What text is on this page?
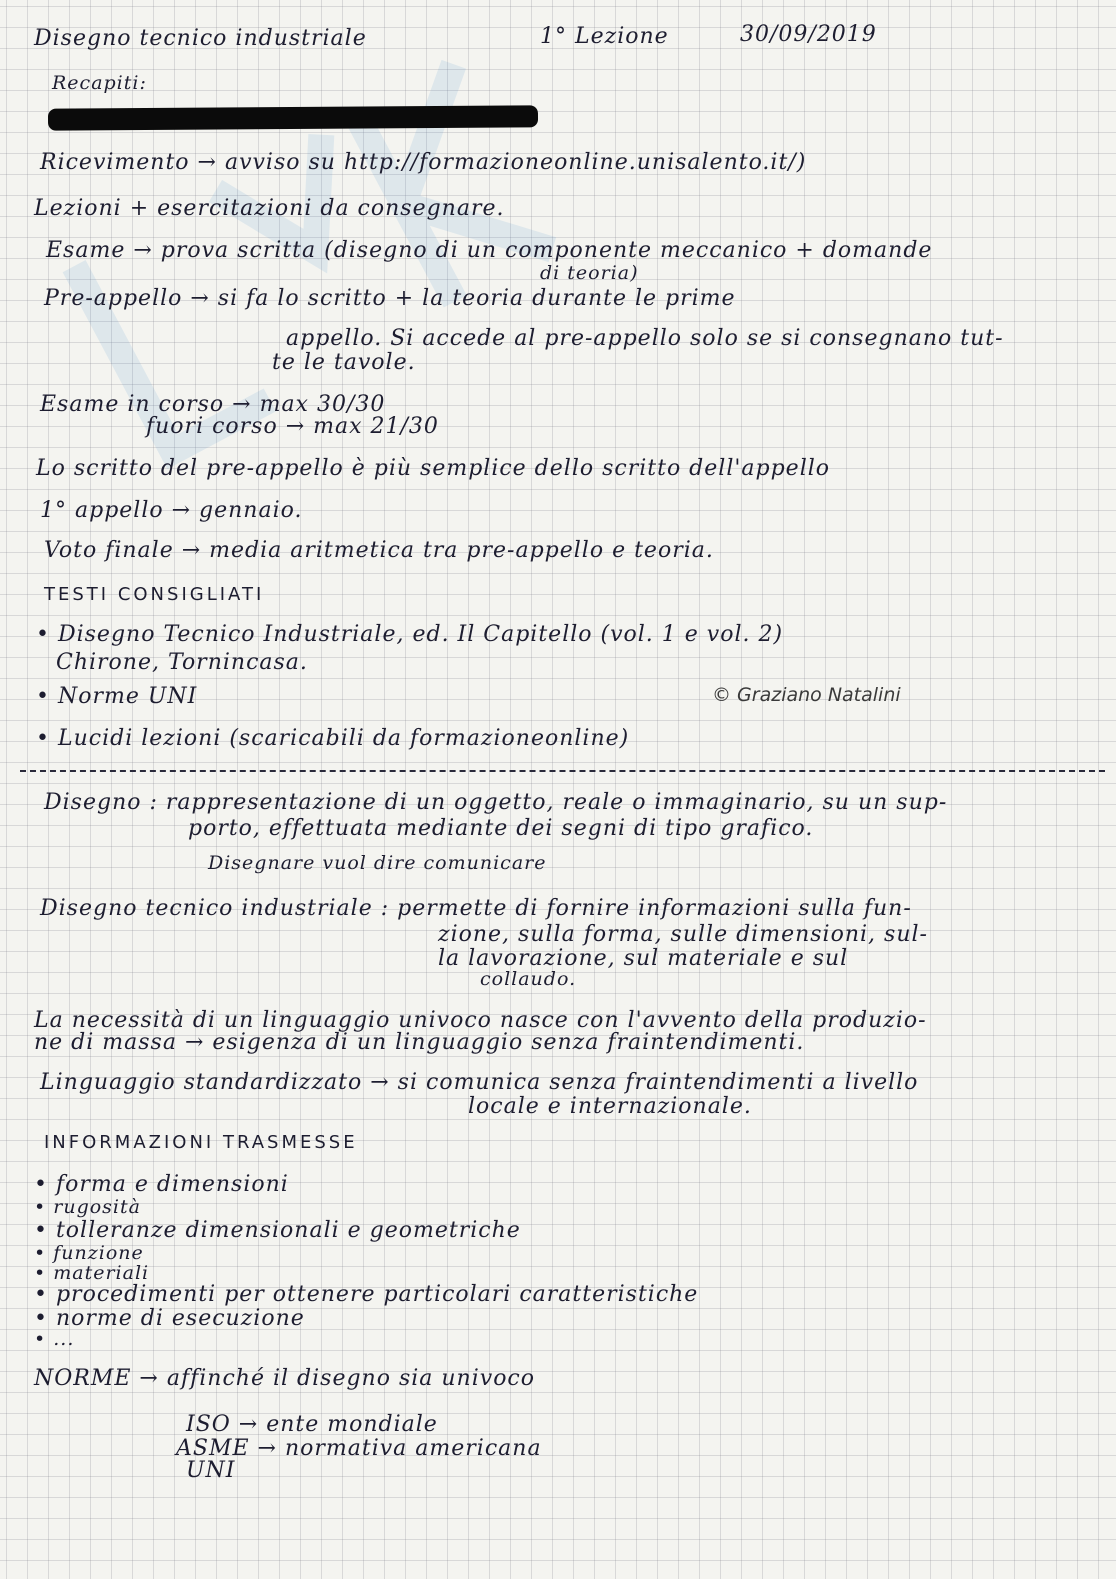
Disegno tecnico industriale	1° Lezione	30/09/2019
Recapiti:
Ricevimento → avviso su http://formazioneonline.unisalento.it/)
Lezioni + esercitazioni da consegnare.
Esame → prova scritta (disegno di un componente meccanico + domande
di teoria)
Pre-appello → si fa lo scritto + la teoria durante le prime
appello. Si accede al pre-appello solo se si consegnano tut-
te le tavole.
Esame in corso → max 30/30
fuori corso → max 21/30
Lo scritto del pre-appello è più semplice dello scritto dell'appello
1° appello → gennaio.
Voto finale → media aritmetica tra pre-appello e teoria.
TESTI CONSIGLIATI
• Disegno Tecnico Industriale, ed. Il Capitello (vol. 1 e vol. 2)
Chirone, Tornincasa.
• Norme UNI
• Lucidi lezioni (scaricabili da formazioneonline)
© Graziano Natalini
Disegno : rappresentazione di un oggetto, reale o immaginario, su un sup-
porto, effettuata mediante dei segni di tipo grafico.
Disegnare vuol dire comunicare
Disegno tecnico industriale : permette di fornire informazioni sulla fun-
zione, sulla forma, sulle dimensioni, sul-
la lavorazione, sul materiale e sul
collaudo.
La necessità di un linguaggio univoco nasce con l'avvento della produzio-
ne di massa → esigenza di un linguaggio senza fraintendimenti.
Linguaggio standardizzato → si comunica senza fraintendimenti a livello
locale e internazionale.
INFORMAZIONI TRASMESSE
• forma e dimensioni
• rugosità
• tolleranze dimensionali e geometriche
• funzione
• materiali
• procedimenti per ottenere particolari caratteristiche
• norme di esecuzione
• ...
NORME → affinché il disegno sia univoco
ISO → ente mondiale
ASME → normativa americana
UNI
